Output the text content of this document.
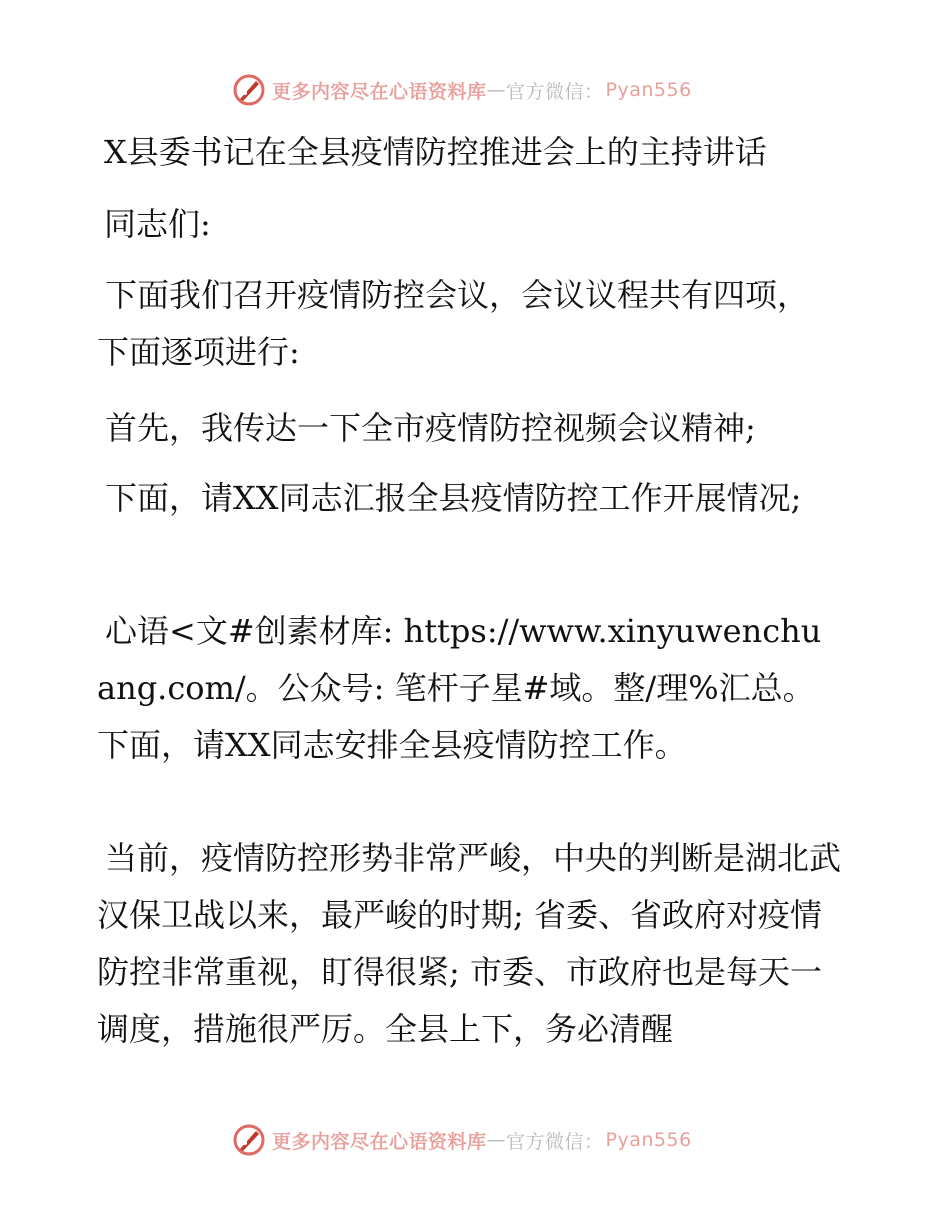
更多内容尽在心语资料库 — 官方微信： Pyan556

X县委书记在全县疫情防控推进会上的主持讲话

同志们:

下面我们召开疫情防控会议，会议议程共有四项，下面逐项进行:

首先，我传达一下全市疫情防控视频会议精神;

下面，请XX同志汇报全县疫情防控工作开展情况;

心语<文#创素材库: https://www.xinyuwenchuang.com/。公众号: 笔杆子星#域。整/理%汇总。下面，请XX同志安排全县疫情防控工作。

当前，疫情防控形势非常严峻，中央的判断是湖北武汉保卫战以来，最严峻的时期; 省委、省政府对疫情防控非常重视，盯得很紧; 市委、市政府也是每天一调度，措施很严厉。全县上下，务必清醒

更多内容尽在心语资料库 — 官方微信： Pyan556
